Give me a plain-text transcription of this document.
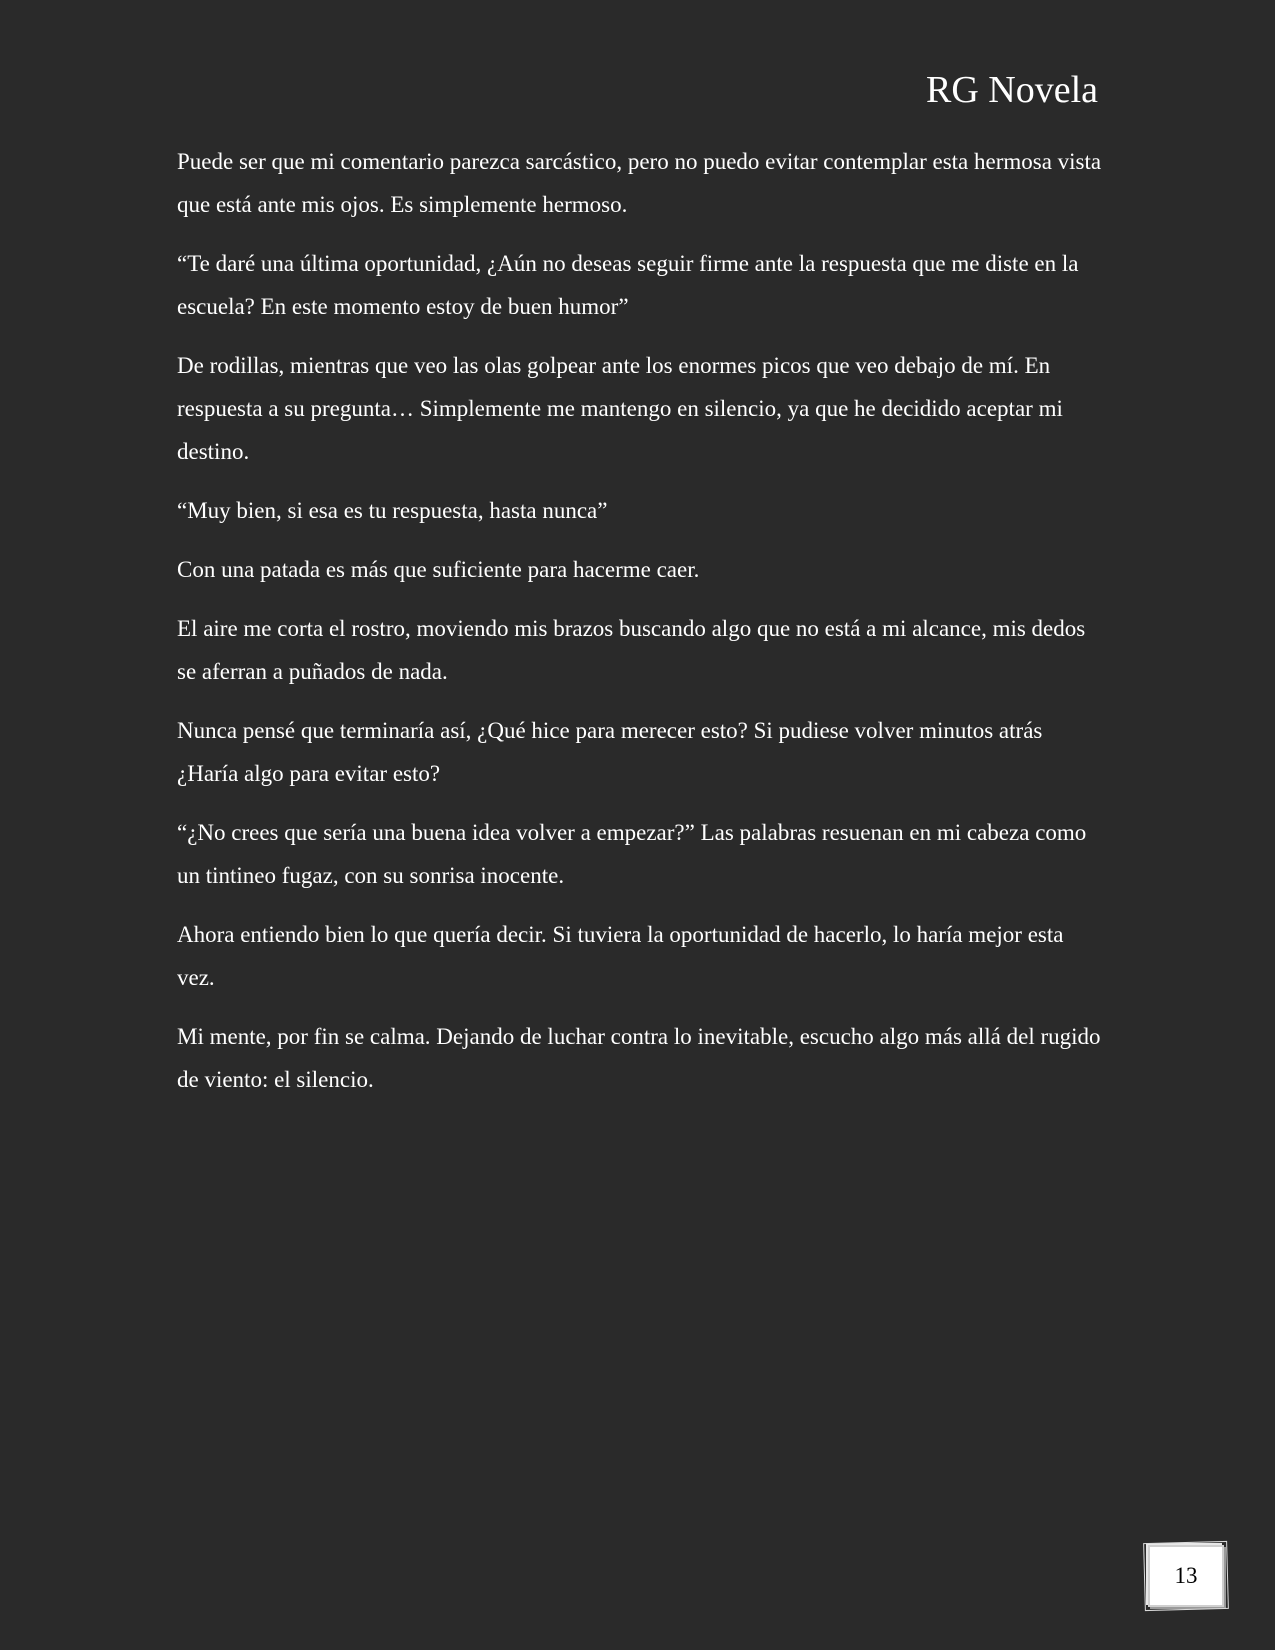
RG Novela

Puede ser que mi comentario parezca sarcástico, pero no puedo evitar contemplar esta hermosa vista que está ante mis ojos. Es simplemente hermoso.

“Te daré una última oportunidad, ¿Aún no deseas seguir firme ante la respuesta que me diste en la escuela? En este momento estoy de buen humor”

De rodillas, mientras que veo las olas golpear ante los enormes picos que veo debajo de mí. En respuesta a su pregunta… Simplemente me mantengo en silencio, ya que he decidido aceptar mi destino.

“Muy bien, si esa es tu respuesta, hasta nunca”

Con una patada es más que suficiente para hacerme caer.

El aire me corta el rostro, moviendo mis brazos buscando algo que no está a mi alcance, mis dedos se aferran a puñados de nada.

Nunca pensé que terminaría así, ¿Qué hice para merecer esto? Si pudiese volver minutos atrás ¿Haría algo para evitar esto?

“¿No crees que sería una buena idea volver a empezar?” Las palabras resuenan en mi cabeza como un tintineo fugaz, con su sonrisa inocente.

Ahora entiendo bien lo que quería decir. Si tuviera la oportunidad de hacerlo, lo haría mejor esta vez.

Mi mente, por fin se calma. Dejando de luchar contra lo inevitable, escucho algo más allá del rugido de viento: el silencio.

13
